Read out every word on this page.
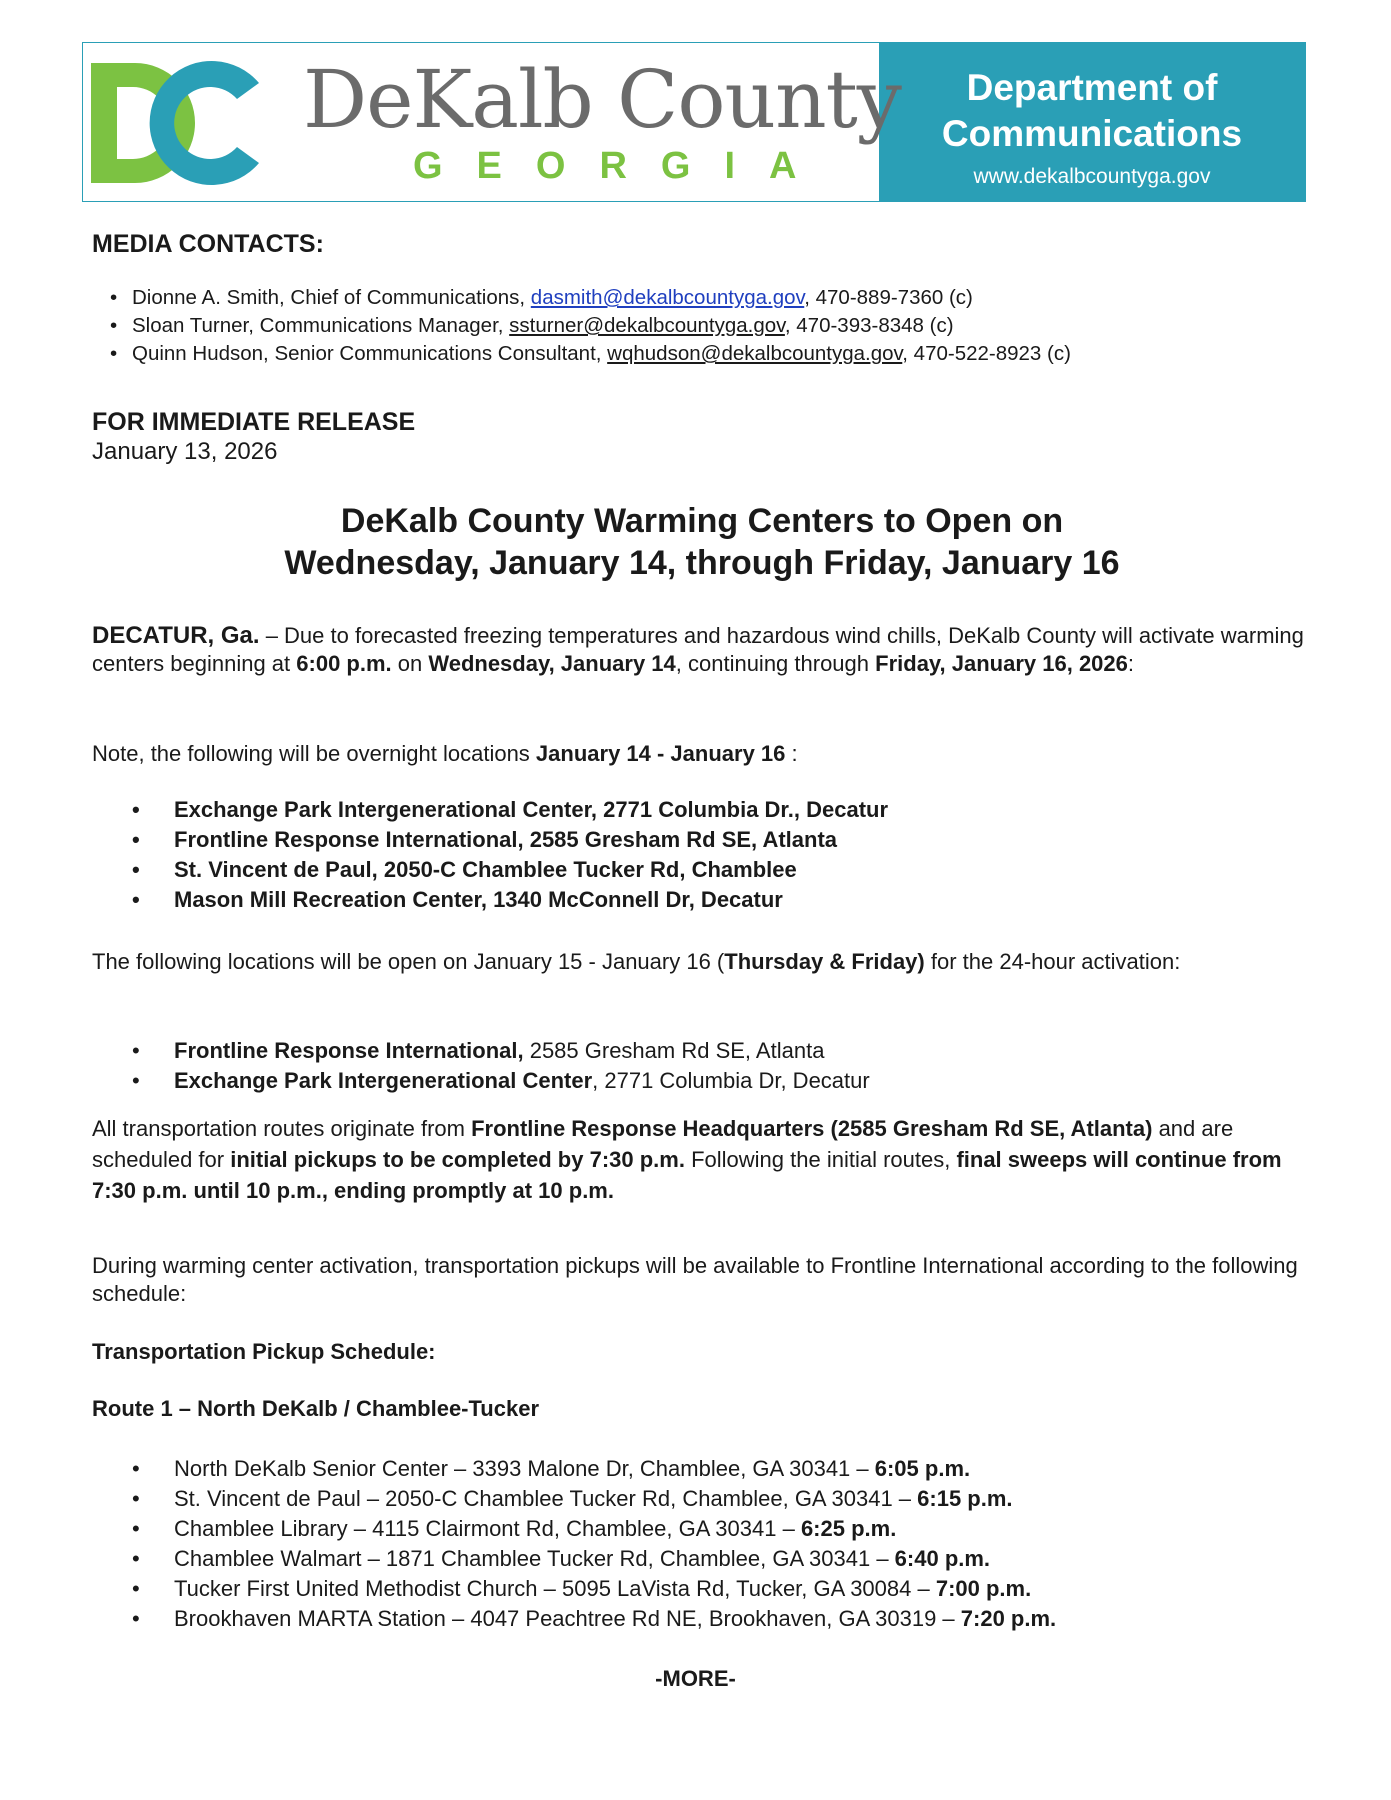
DeKalb County
GEORGIA
Department of
Communications
www.dekalbcountyga.gov
MEDIA CONTACTS:
• Dionne A. Smith, Chief of Communications, dasmith@dekalbcountyga.gov, 470-889-7360 (c)
• Sloan Turner, Communications Manager, ssturner@dekalbcountyga.gov, 470-393-8348 (c)
• Quinn Hudson, Senior Communications Consultant, wqhudson@dekalbcountyga.gov, 470-522-8923 (c)
FOR IMMEDIATE RELEASE
January 13, 2026
DeKalb County Warming Centers to Open on
Wednesday, January 14, through Friday, January 16
DECATUR, Ga. – Due to forecasted freezing temperatures and hazardous wind chills, DeKalb County will activate warming centers beginning at 6:00 p.m. on Wednesday, January 14, continuing through Friday, January 16, 2026:
Note, the following will be overnight locations January 14 - January 16 :
• Exchange Park Intergenerational Center, 2771 Columbia Dr., Decatur
• Frontline Response International, 2585 Gresham Rd SE, Atlanta
• St. Vincent de Paul, 2050-C Chamblee Tucker Rd, Chamblee
• Mason Mill Recreation Center, 1340 McConnell Dr, Decatur
The following locations will be open on January 15 - January 16 (Thursday & Friday) for the 24-hour activation:
• Frontline Response International, 2585 Gresham Rd SE, Atlanta
• Exchange Park Intergenerational Center, 2771 Columbia Dr, Decatur
All transportation routes originate from Frontline Response Headquarters (2585 Gresham Rd SE, Atlanta) and are scheduled for initial pickups to be completed by 7:30 p.m. Following the initial routes, final sweeps will continue from 7:30 p.m. until 10 p.m., ending promptly at 10 p.m.
During warming center activation, transportation pickups will be available to Frontline International according to the following schedule:
Transportation Pickup Schedule:
Route 1 – North DeKalb / Chamblee-Tucker
• North DeKalb Senior Center – 3393 Malone Dr, Chamblee, GA 30341 – 6:05 p.m.
• St. Vincent de Paul – 2050-C Chamblee Tucker Rd, Chamblee, GA 30341 – 6:15 p.m.
• Chamblee Library – 4115 Clairmont Rd, Chamblee, GA 30341 – 6:25 p.m.
• Chamblee Walmart – 1871 Chamblee Tucker Rd, Chamblee, GA 30341 – 6:40 p.m.
• Tucker First United Methodist Church – 5095 LaVista Rd, Tucker, GA 30084 – 7:00 p.m.
• Brookhaven MARTA Station – 4047 Peachtree Rd NE, Brookhaven, GA 30319 – 7:20 p.m.
-MORE-
